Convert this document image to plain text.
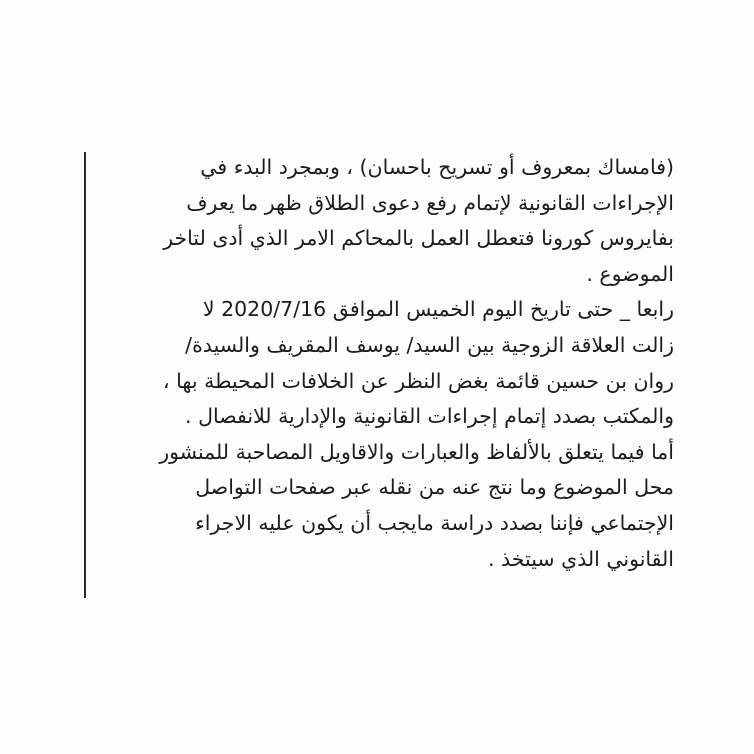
(فامساك بمعروف أو تسريح باحسان) ، وبمجرد البدء في
الإجراءات القانونية لإتمام رفع دعوى الطلاق ظهر ما يعرف
بفايروس كورونا فتعطل العمل بالمحاكم الامر الذي أدى لتاخر
الموضوع .
رابعا _ حتى تاريخ اليوم الخميس الموافق 2020/7/16 لا
زالت العلاقة الزوجية بين السيد/ يوسف المقريف والسيدة/
روان بن حسين قائمة بغض النظر عن الخلافات المحيطة بها ،
والمكتب بصدد إتمام إجراءات القانونية والإدارية للانفصال .
أما فيما يتعلق بالألفاظ والعبارات والاقاويل المصاحبة للمنشور
محل الموضوع وما نتج عنه من نقله عبر صفحات التواصل
الإجتماعي فإننا بصدد دراسة مايجب أن يكون عليه الاجراء
القانوني الذي سيتخذ .
